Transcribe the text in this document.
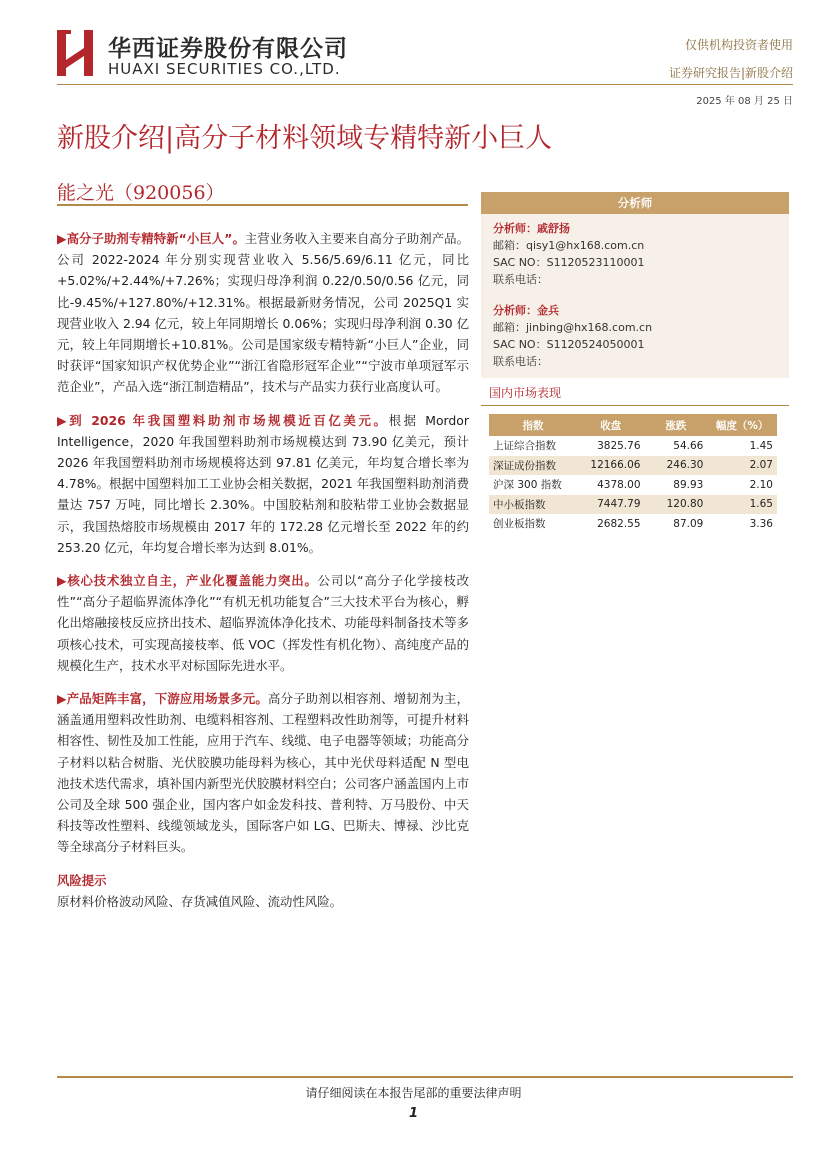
华西证券股份有限公司
HUAXI SECURITIES CO.,LTD.
仅供机构投资者使用
证券研究报告|新股介绍
2025 年 08 月 25 日
新股介绍|高分子材料领域专精特新小巨人
能之光（920056）

▶高分子助剂专精特新“小巨人”。主营业务收入主要来自高分子助剂产品。公司 2022-2024 年分别实现营业收入 5.56/5.69/6.11 亿元，同比+5.02%/+2.44%/+7.26%；实现归母净利润 0.22/0.50/0.56 亿元，同比-9.45%/+127.80%/+12.31%。根据最新财务情况，公司 2025Q1 实现营业收入 2.94 亿元，较上年同期增长 0.06%；实现归母净利润 0.30 亿元，较上年同期增长+10.81%。公司是国家级专精特新“小巨人”企业，同时获评“国家知识产权优势企业”“浙江省隐形冠军企业”“宁波市单项冠军示范企业”，产品入选“浙江制造精品”，技术与产品实力获行业高度认可。

▶到 2026 年我国塑料助剂市场规模近百亿美元。根据 Mordor Intelligence，2020 年我国塑料助剂市场规模达到 73.90 亿美元，预计 2026 年我国塑料助剂市场规模将达到 97.81 亿美元，年均复合增长率为 4.78%。根据中国塑料加工工业协会相关数据，2021 年我国塑料助剂消费量达 757 万吨，同比增长 2.30%。中国胶粘剂和胶粘带工业协会数据显示，我国热熔胶市场规模由 2017 年的 172.28 亿元增长至 2022 年的约 253.20 亿元，年均复合增长率为达到 8.01%。

▶核心技术独立自主，产业化覆盖能力突出。公司以“高分子化学接枝改性”“高分子超临界流体净化”“有机无机功能复合”三大技术平台为核心，孵化出熔融接枝反应挤出技术、超临界流体净化技术、功能母料制备技术等多项核心技术，可实现高接枝率、低 VOC（挥发性有机化物）、高纯度产品的规模化生产，技术水平对标国际先进水平。

▶产品矩阵丰富，下游应用场景多元。高分子助剂以相容剂、增韧剂为主，涵盖通用塑料改性助剂、电缆料相容剂、工程塑料改性助剂等，可提升材料相容性、韧性及加工性能，应用于汽车、线缆、电子电器等领域；功能高分子材料以粘合树脂、光伏胶膜功能母料为核心，其中光伏母料适配 N 型电池技术迭代需求，填补国内新型光伏胶膜材料空白；公司客户涵盖国内上市公司及全球 500 强企业，国内客户如金发科技、普利特、万马股份、中天科技等改性塑料、线缆领域龙头，国际客户如 LG、巴斯夫、博禄、沙比克等全球高分子材料巨头。

风险提示

原材料价格波动风险、存货减值风险、流动性风险。

分析师
分析师：戚舒扬
邮箱：qisy1@hx168.com.cn
SAC NO：S1120523110001
联系电话：
分析师：金兵
邮箱：jinbing@hx168.com.cn
SAC NO：S1120524050001
联系电话：
国内市场表现
指数	收盘	涨跌	幅度（%）
上证综合指数	3825.76	54.66	1.45
深证成份指数	12166.06	246.30	2.07
沪深 300 指数	4378.00	89.93	2.10
中小板指数	7447.79	120.80	1.65
创业板指数	2682.55	87.09	3.36
请仔细阅读在本报告尾部的重要法律声明
1
